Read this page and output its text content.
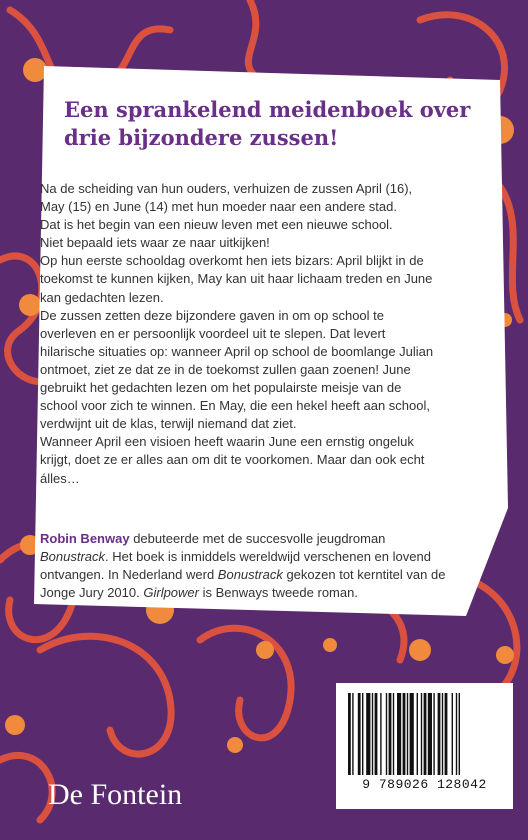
Een sprankelend meidenboek over
drie bijzondere zussen!
Na de scheiding van hun ouders, verhuizen de zussen April (16),
May (15) en June (14) met hun moeder naar een andere stad.
Dat is het begin van een nieuw leven met een nieuwe school.
Niet bepaald iets waar ze naar uitkijken!
Op hun eerste schooldag overkomt hen iets bizars: April blijkt in de
toekomst te kunnen kijken, May kan uit haar lichaam treden en June
kan gedachten lezen.
De zussen zetten deze bijzondere gaven in om op school te
overleven en er persoonlijk voordeel uit te slepen. Dat levert
hilarische situaties op: wanneer April op school de boomlange Julian
ontmoet, ziet ze dat ze in de toekomst zullen gaan zoenen! June
gebruikt het gedachten lezen om het populairste meisje van de
school voor zich te winnen. En May, die een hekel heeft aan school,
verdwijnt uit de klas, terwijl niemand dat ziet.
Wanneer April een visioen heeft waarin June een ernstig ongeluk
krijgt, doet ze er alles aan om dit te voorkomen. Maar dan ook echt
álles…
Robin Benway debuteerde met de succesvolle jeugdroman
Bonustrack. Het boek is inmiddels wereldwijd verschenen en lovend
ontvangen. In Nederland werd Bonustrack gekozen tot kerntitel van de
Jonge Jury 2010. Girlpower is Benways tweede roman.

De Fontein	9 789026 128042
